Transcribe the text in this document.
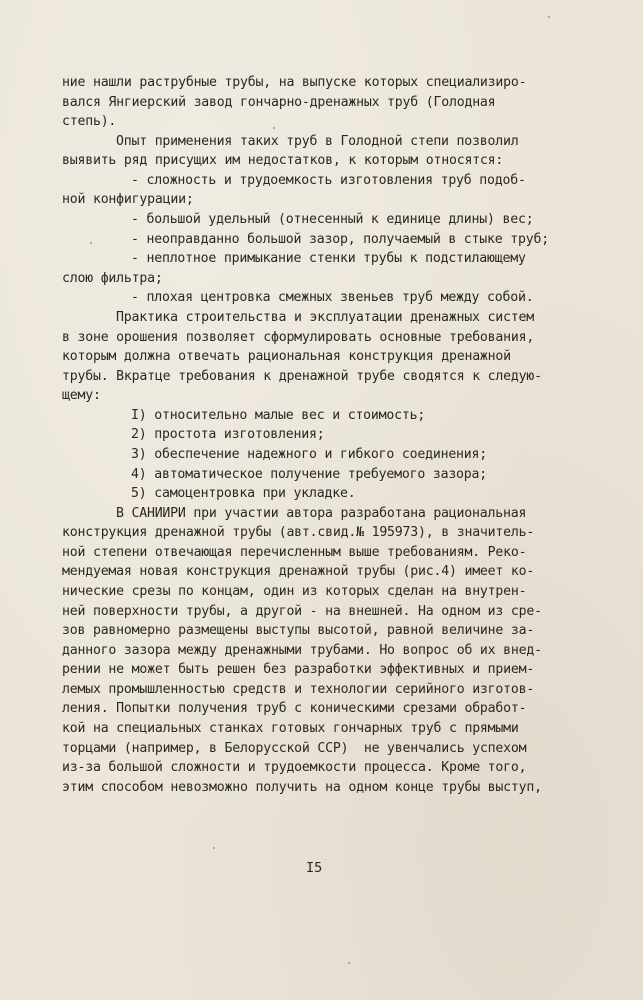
ние нашли раструбные трубы, на выпуске которых специализиро-
вался Янгиерский завод гончарно-дренажных труб (Голодная
степь).
Опыт применения таких труб в Голодной степи позволил
выявить ряд присущих им недостатков, к которым относятся:
- сложность и трудоемкость изготовления труб подоб-
ной конфигурации;
- большой удельный (отнесенный к единице длины) вес;
- неоправданно большой зазор, получаемый в стыке труб;
- неплотное примыкание стенки трубы к подстилающему
слою фильтра;
- плохая центровка смежных звеньев труб между собой.
Практика строительства и эксплуатации дренажных систем
в зоне орошения позволяет сформулировать основные требования,
которым должна отвечать рациональная конструкция дренажной
трубы. Вкратце требования к дренажной трубе сводятся к следую-
щему:
I) относительно малые вес и стоимость;
2) простота изготовления;
3) обеспечение надежного и гибкого соединения;
4) автоматическое получение требуемого зазора;
5) самоцентровка при укладке.
В САНИИРИ при участии автора разработана рациональная
конструкция дренажной трубы (авт.свид.№ 195973), в значитель-
ной степени отвечающая перечисленным выше требованиям. Реко-
мендуемая новая конструкция дренажной трубы (рис.4) имеет ко-
нические срезы по концам, один из которых сделан на внутрен-
ней поверхности трубы, а другой - на внешней. На одном из сре-
зов равномерно размещены выступы высотой, равной величине за-
данного зазора между дренажными трубами. Но вопрос об их внед-
рении не может быть решен без разработки эффективных и прием-
лемых промышленностью средств и технологии серийного изготов-
ления. Попытки получения труб с коническими срезами обработ-
кой на специальных станках готовых гончарных труб с прямыми
торцами (например, в Белорусской ССР)  не увенчались успехом
из-за большой сложности и трудоемкости процесса. Кроме того,
этим способом невозможно получить на одном конце трубы выступ,
I5
